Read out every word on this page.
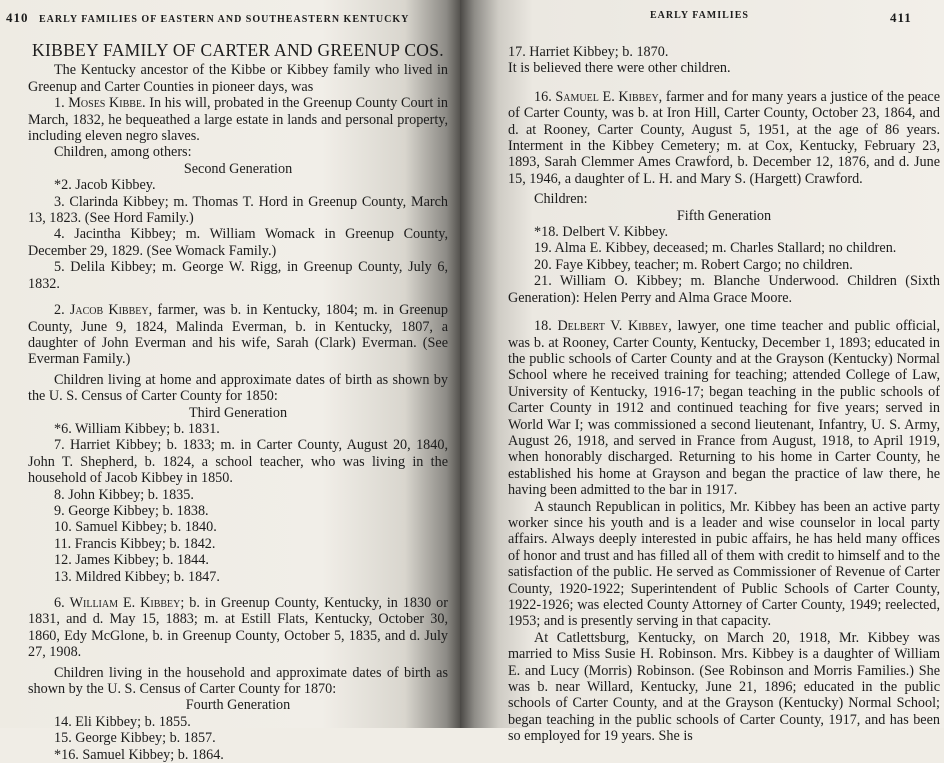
410 EARLY FAMILIES OF EASTERN AND SOUTHEASTERN KENTUCKY
KIBBEY FAMILY OF CARTER AND GREENUP COS.

The Kentucky ancestor of the Kibbe or Kibbey family who lived in Greenup and Carter Counties in pioneer days, was

1. Moses Kibbe. In his will, probated in the Greenup County Court in March, 1832, he bequeathed a large estate in lands and personal property, including eleven negro slaves.

Children, among others:

Second Generation

*2. Jacob Kibbey.

3. Clarinda Kibbey; m. Thomas T. Hord in Greenup County, March 13, 1823. (See Hord Family.)

4. Jacintha Kibbey; m. William Womack in Greenup County, December 29, 1829. (See Womack Family.)

5. Delila Kibbey; m. George W. Rigg, in Greenup County, July 6, 1832.

2. Jacob Kibbey, farmer, was b. in Kentucky, 1804; m. in Greenup County, June 9, 1824, Malinda Everman, b. in Kentucky, 1807, a daughter of John Everman and his wife, Sarah (Clark) Everman. (See Everman Family.)

Children living at home and approximate dates of birth as shown by the U. S. Census of Carter County for 1850:

Third Generation

*6. William Kibbey; b. 1831.

7. Harriet Kibbey; b. 1833; m. in Carter County, August 20, 1840, John T. Shepherd, b. 1824, a school teacher, who was living in the household of Jacob Kibbey in 1850.

8. John Kibbey; b. 1835.

9. George Kibbey; b. 1838.

10. Samuel Kibbey; b. 1840.

11. Francis Kibbey; b. 1842.

12. James Kibbey; b. 1844.

13. Mildred Kibbey; b. 1847.

6. William E. Kibbey; b. in Greenup County, Kentucky, in 1830 or 1831, and d. May 15, 1883; m. at Estill Flats, Kentucky, October 30, 1860, Edy McGlone, b. in Greenup County, October 5, 1835, and d. July 27, 1908.

Children living in the household and approximate dates of birth as shown by the U. S. Census of Carter County for 1870:

Fourth Generation

14. Eli Kibbey; b. 1855.

15. George Kibbey; b. 1857.

*16. Samuel Kibbey; b. 1864.

EARLY FAMILIES	411

17. Harriet Kibbey; b. 1870.

It is believed there were other children.

16. Samuel E. Kibbey, farmer and for many years a justice of the peace of Carter County, was b. at Iron Hill, Carter County, October 23, 1864, and d. at Rooney, Carter County, August 5, 1951, at the age of 86 years. Interment in the Kibbey Cemetery; m. at Cox, Kentucky, February 23, 1893, Sarah Clemmer Ames Crawford, b. December 12, 1876, and d. June 15, 1946, a daughter of L. H. and Mary S. (Hargett) Crawford.

Children:

Fifth Generation

*18. Delbert V. Kibbey.

19. Alma E. Kibbey, deceased; m. Charles Stallard; no children.

20. Faye Kibbey, teacher; m. Robert Cargo; no children.

21. William O. Kibbey; m. Blanche Underwood. Children (Sixth Generation): Helen Perry and Alma Grace Moore.

18. Delbert V. Kibbey, lawyer, one time teacher and public official, was b. at Rooney, Carter County, Kentucky, December 1, 1893; educated in the public schools of Carter County and at the Grayson (Kentucky) Normal School where he received training for teaching; attended College of Law, University of Kentucky, 1916-17; began teaching in the public schools of Carter County in 1912 and continued teaching for five years; served in World War I; was commissioned a second lieutenant, Infantry, U. S. Army, August 26, 1918, and served in France from August, 1918, to April 1919, when honorably discharged. Returning to his home in Carter County, he established his home at Grayson and began the practice of law there, he having been admitted to the bar in 1917.

A staunch Republican in politics, Mr. Kibbey has been an active party worker since his youth and is a leader and wise counselor in local party affairs. Always deeply interested in pubic affairs, he has held many offices of honor and trust and has filled all of them with credit to himself and to the satisfaction of the public. He served as Commissioner of Revenue of Carter County, 1920-1922; Superintendent of Public Schools of Carter County, 1922-1926; was elected County Attorney of Carter County, 1949; reelected, 1953; and is presently serving in that capacity.

At Catlettsburg, Kentucky, on March 20, 1918, Mr. Kibbey was married to Miss Susie H. Robinson. Mrs. Kibbey is a daughter of William E. and Lucy (Morris) Robinson. (See Robinson and Morris Families.) She was b. near Willard, Kentucky, June 21, 1896; educated in the public schools of Carter County, and at the Grayson (Kentucky) Normal School; began teaching in the public schools of Carter County, 1917, and has been so employed for 19 years. She is
